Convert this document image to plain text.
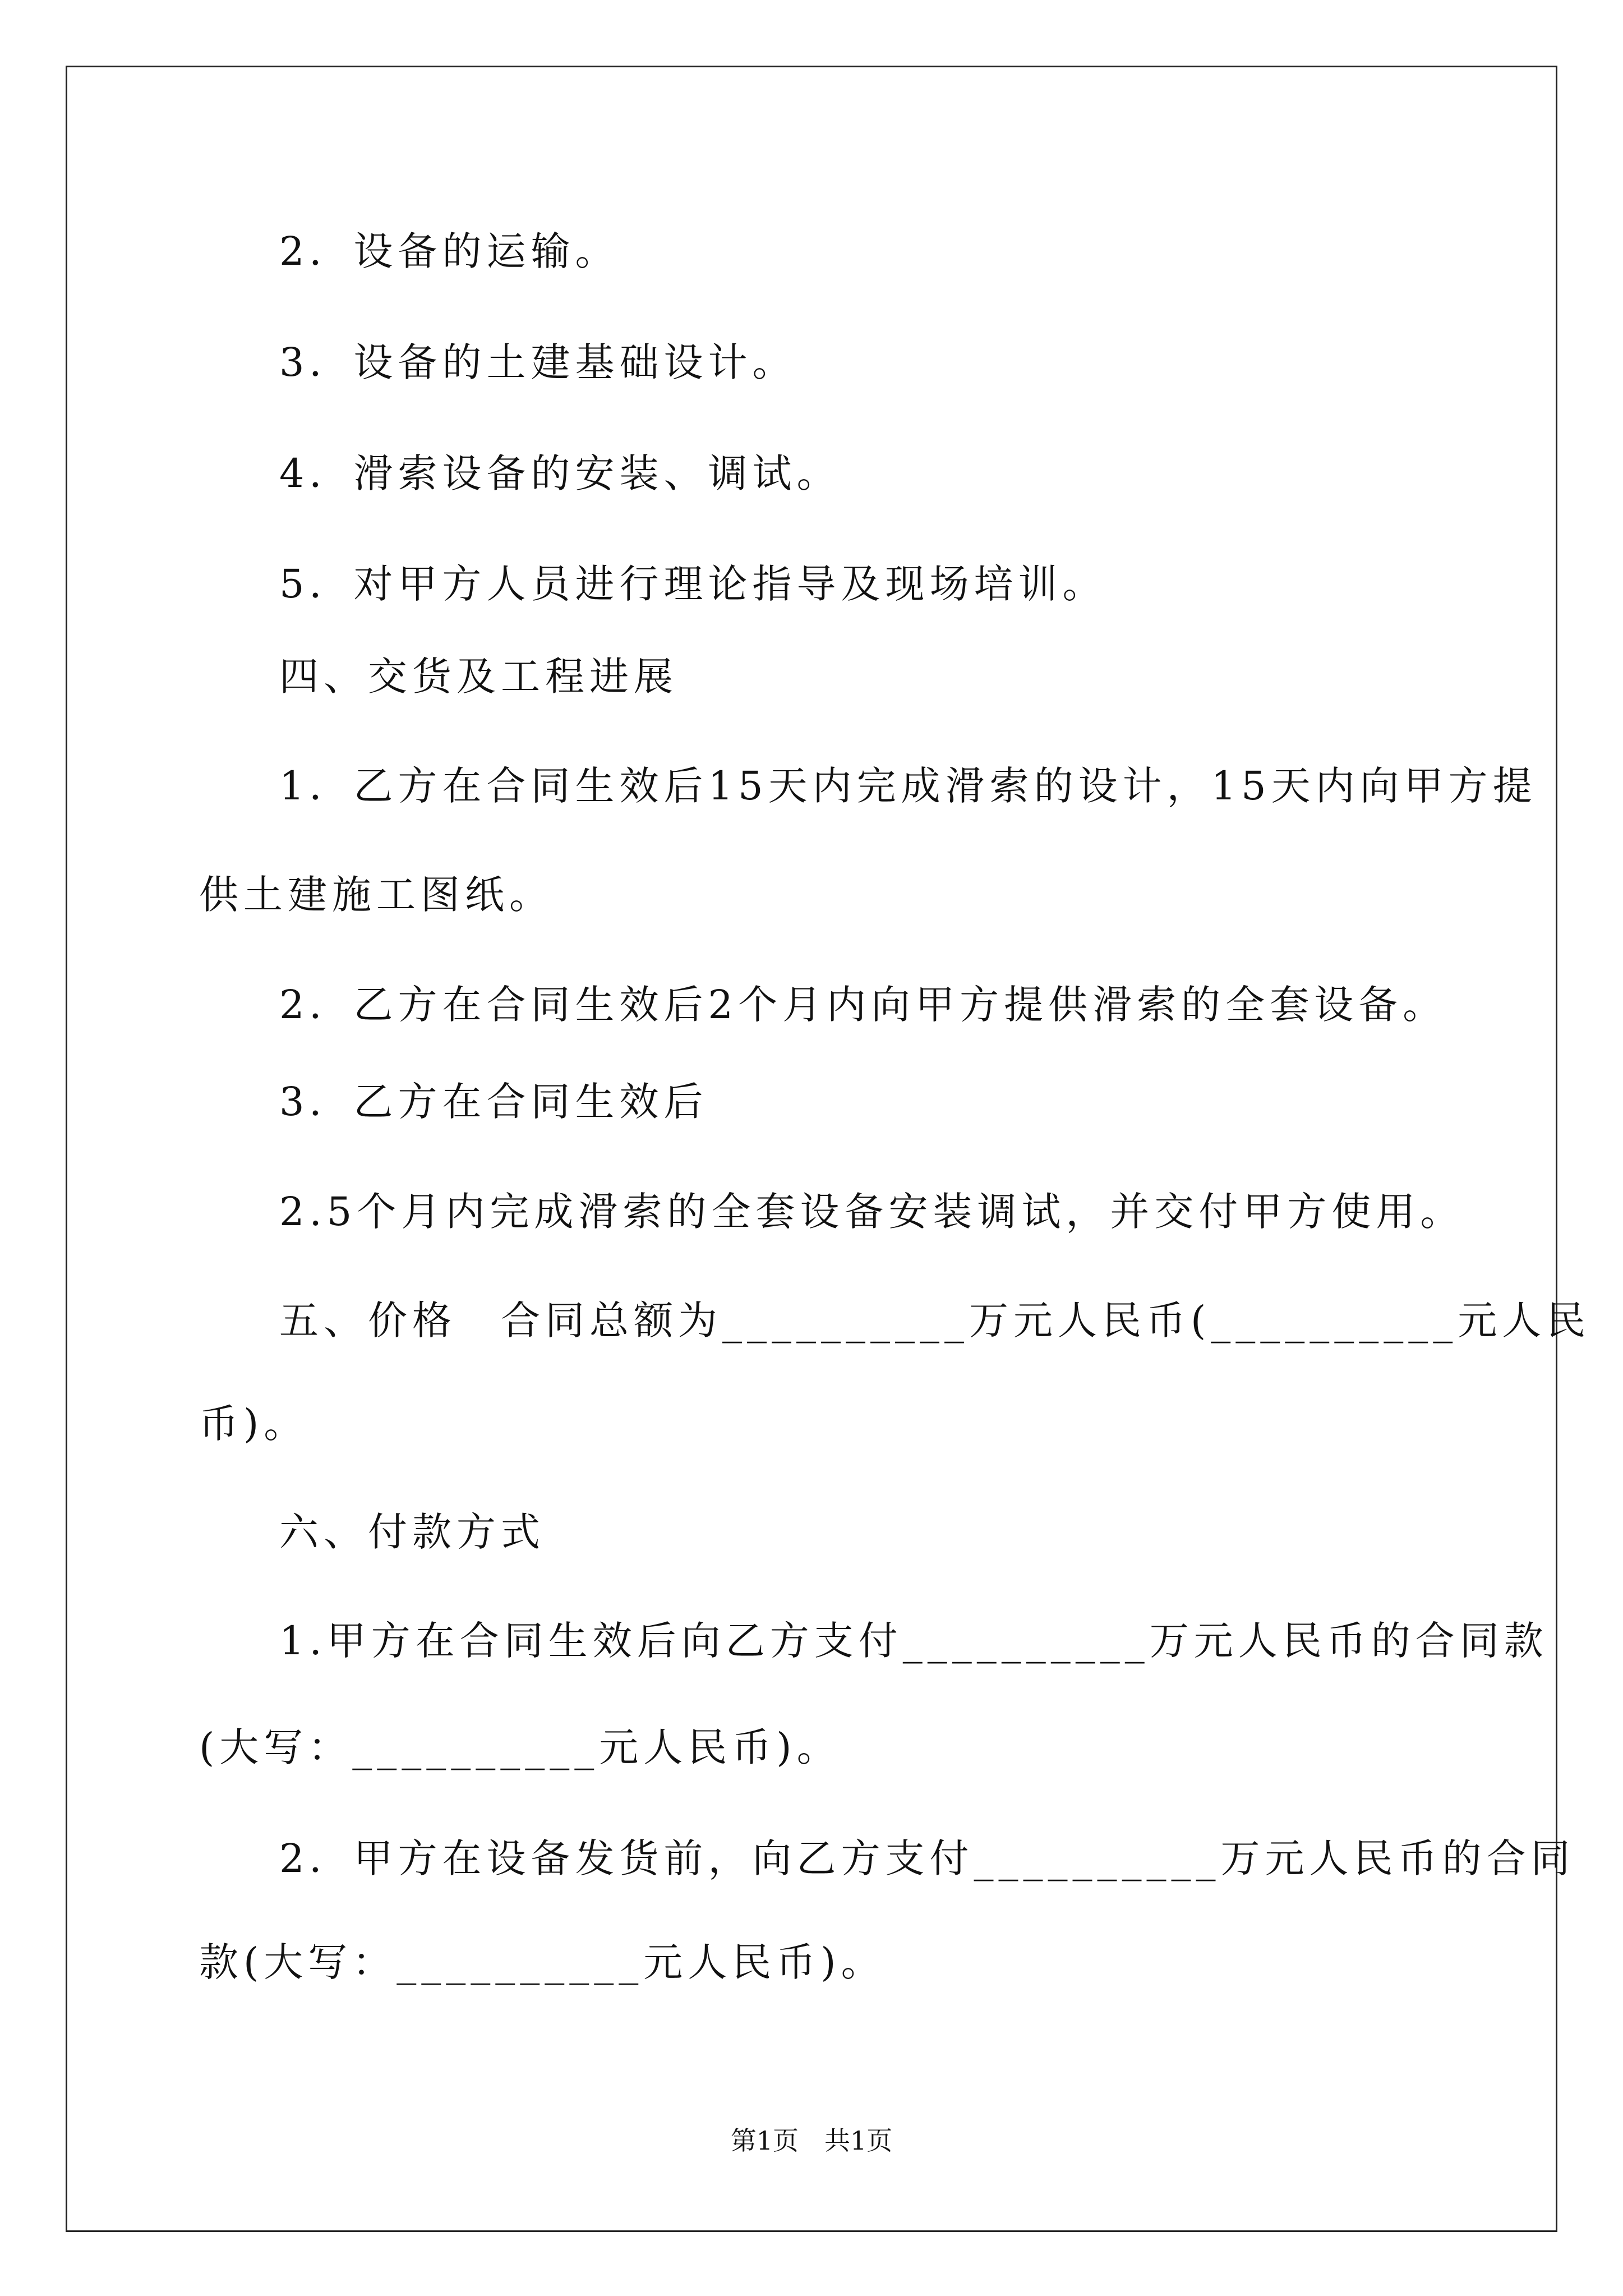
2．设备的运输。
3．设备的土建基础设计。
4．滑索设备的安装、调试。
5．对甲方人员进行理论指导及现场培训。
四、交货及工程进展
1．乙方在合同生效后15天内完成滑索的设计，15天内向甲方提
供土建施工图纸。
2．乙方在合同生效后2个月内向甲方提供滑索的全套设备。
3．乙方在合同生效后
2.5个月内完成滑索的全套设备安装调试，并交付甲方使用。
五、价格　合同总额为__________万元人民币(__________元人民
币)。
六、付款方式
1.甲方在合同生效后向乙方支付__________万元人民币的合同款
(大写：__________元人民币)。
2．甲方在设备发货前，向乙方支付__________万元人民币的合同
款(大写：__________元人民币)。
第1页　共1页
